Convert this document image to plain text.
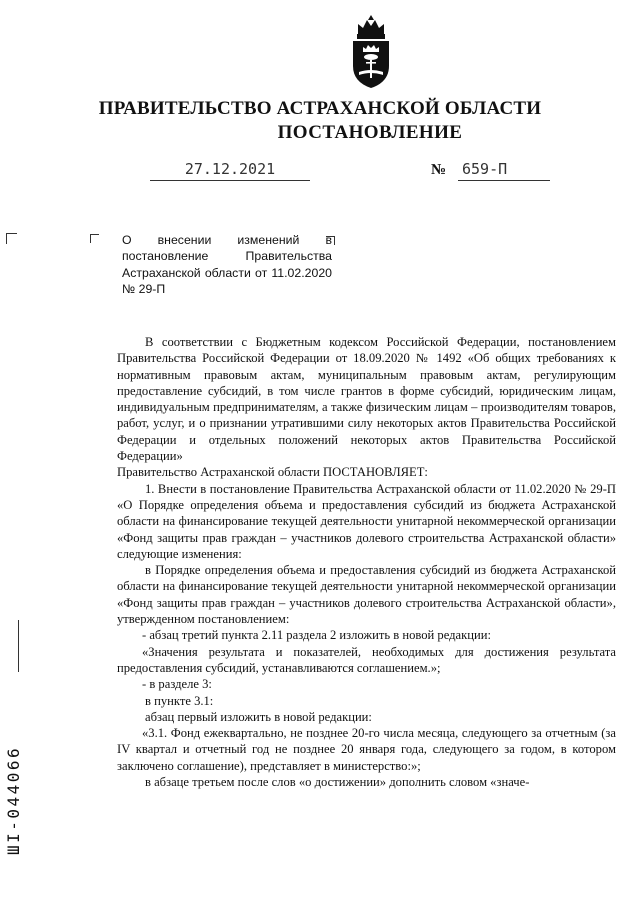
ПРАВИТЕЛЬСТВО АСТРАХАНСКОЙ ОБЛАСТИ
ПОСТАНОВЛЕНИЕ
27.12.2021	№ 659-П
О внесении изменений в постановление Правительства Астраханской области от 11.02.2020 № 29-П

В соответствии с Бюджетным кодексом Российской Федерации, постановлением Правительства Российской Федерации от 18.09.2020 № 1492 «Об общих требованиях к нормативным правовым актам, муниципальным правовым актам, регулирующим предоставление субсидий, в том числе грантов в форме субсидий, юридическим лицам, индивидуальным предпринимателям, а также физическим лицам – производителям товаров, работ, услуг, и о признании утратившими силу некоторых актов Правительства Российской Федерации и отдельных положений некоторых актов Правительства Российской Федерации»

Правительство Астраханской области ПОСТАНОВЛЯЕТ:

1. Внести в постановление Правительства Астраханской области от 11.02.2020 № 29-П «О Порядке определения объема и предоставления субсидий из бюджета Астраханской области на финансирование текущей деятельности унитарной некоммерческой организации «Фонд защиты прав граждан – участников долевого строительства Астраханской области» следующие изменения:

в Порядке определения объема и предоставления субсидий из бюджета Астраханской области на финансирование текущей деятельности унитарной некоммерческой организации «Фонд защиты прав граждан – участников долевого строительства Астраханской области», утвержденном постановлением:

- абзац третий пункта 2.11 раздела 2 изложить в новой редакции:

«Значения результата и показателей, необходимых для достижения результата предоставления субсидий, устанавливаются соглашением.»;

- в разделе 3:

в пункте 3.1:

абзац первый изложить в новой редакции:

«3.1. Фонд ежеквартально, не позднее 20-го числа месяца, следующего за отчетным (за IV квартал и отчетный год не позднее 20 января года, следующего за годом, в котором заключено соглашение), представляет в министерство:»;

в абзаце третьем после слов «о достижении» дополнить словом «значе-

ШI-044066
